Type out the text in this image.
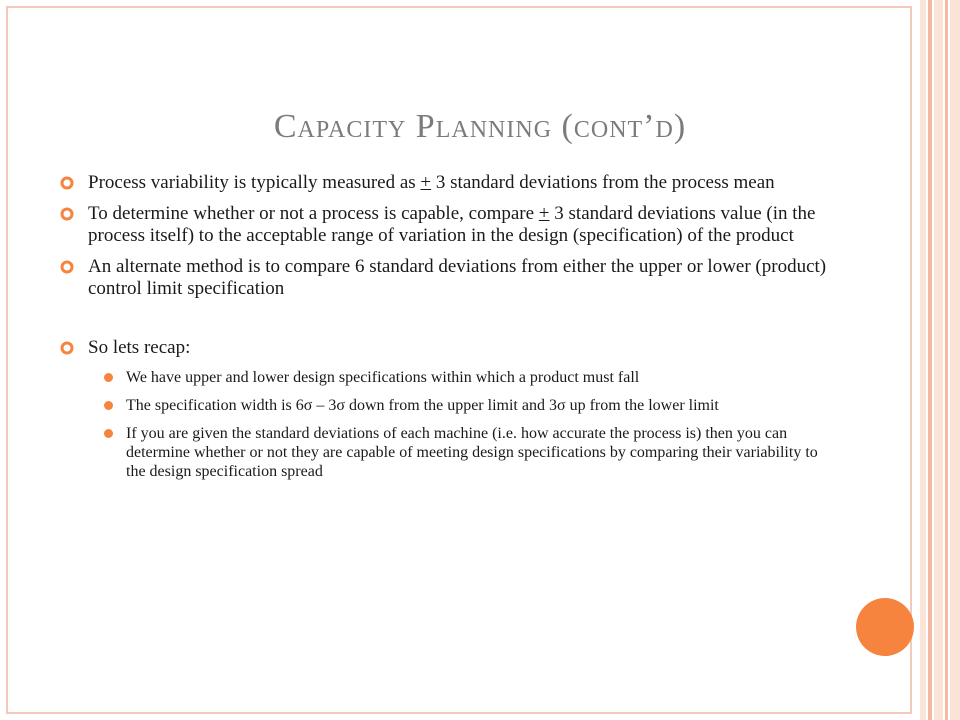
Capacity Planning (cont’d)
Process variability is typically measured as + 3 standard deviations from the process mean
To determine whether or not a process is capable, compare + 3 standard deviations value (in the process itself) to the acceptable range of variation in the design (specification) of the product
An alternate method is to compare 6 standard deviations from either the upper or lower (product) control limit specification
So lets recap:
We have upper and lower design specifications within which a product must fall
The specification width is 6σ – 3σ down from the upper limit and 3σ up from the lower limit
If you are given the standard deviations of each machine (i.e. how accurate the process is) then you can determine whether or not they are capable of meeting design specifications by comparing their variability to the design specification spread
